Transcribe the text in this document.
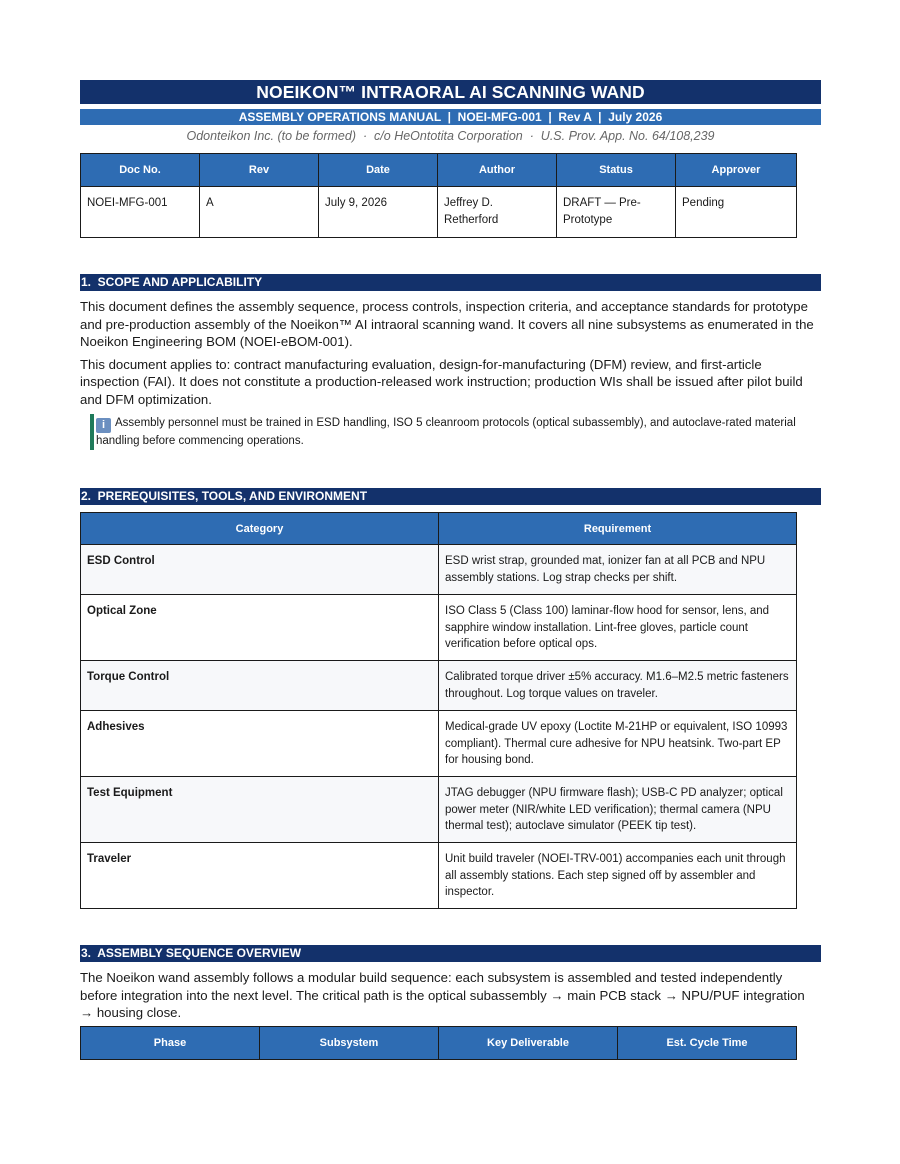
NOEIKON™ INTRAORAL AI SCANNING WAND
ASSEMBLY OPERATIONS MANUAL  |  NOEI-MFG-001  |  Rev A  |  July 2026
Odonteikon Inc. (to be formed)  ·  c/o HeOntotita Corporation  ·  U.S. Prov. App. No. 64/108,239
Doc No.	Rev	Date	Author	Status	Approver
NOEI-MFG-001	A	July 9, 2026	Jeffrey D. Retherford	DRAFT — Pre-Prototype	Pending
1.  SCOPE AND APPLICABILITY

This document defines the assembly sequence, process controls, inspection criteria, and acceptance standards for prototype and pre-production assembly of the Noeikon™ AI intraoral scanning wand. It covers all nine subsystems as enumerated in the Noeikon Engineering BOM (NOEI-eBOM-001).

This document applies to: contract manufacturing evaluation, design-for-manufacturing (DFM) review, and first-article inspection (FAI). It does not constitute a production-released work instruction; production WIs shall be issued after pilot build and DFM optimization.

i Assembly personnel must be trained in ESD handling, ISO 5 cleanroom protocols (optical subassembly), and autoclave-rated material handling before commencing operations.
2.  PREREQUISITES, TOOLS, AND ENVIRONMENT
Category	Requirement
ESD Control	ESD wrist strap, grounded mat, ionizer fan at all PCB and NPU assembly stations. Log strap checks per shift.
Optical Zone	ISO Class 5 (Class 100) laminar-flow hood for sensor, lens, and sapphire window installation. Lint-free gloves, particle count verification before optical ops.
Torque Control	Calibrated torque driver ±5% accuracy. M1.6–M2.5 metric fasteners throughout. Log torque values on traveler.
Adhesives	Medical-grade UV epoxy (Loctite M-21HP or equivalent, ISO 10993 compliant). Thermal cure adhesive for NPU heatsink. Two-part EP for housing bond.
Test Equipment	JTAG debugger (NPU firmware flash); USB-C PD analyzer; optical power meter (NIR/white LED verification); thermal camera (NPU thermal test); autoclave simulator (PEEK tip test).
Traveler	Unit build traveler (NOEI-TRV-001) accompanies each unit through all assembly stations. Each step signed off by assembler and inspector.
3.  ASSEMBLY SEQUENCE OVERVIEW

The Noeikon wand assembly follows a modular build sequence: each subsystem is assembled and tested independently before integration into the next level. The critical path is the optical subassembly → main PCB stack → NPU/PUF integration → housing close.

Phase	Subsystem	Key Deliverable	Est. Cycle Time
